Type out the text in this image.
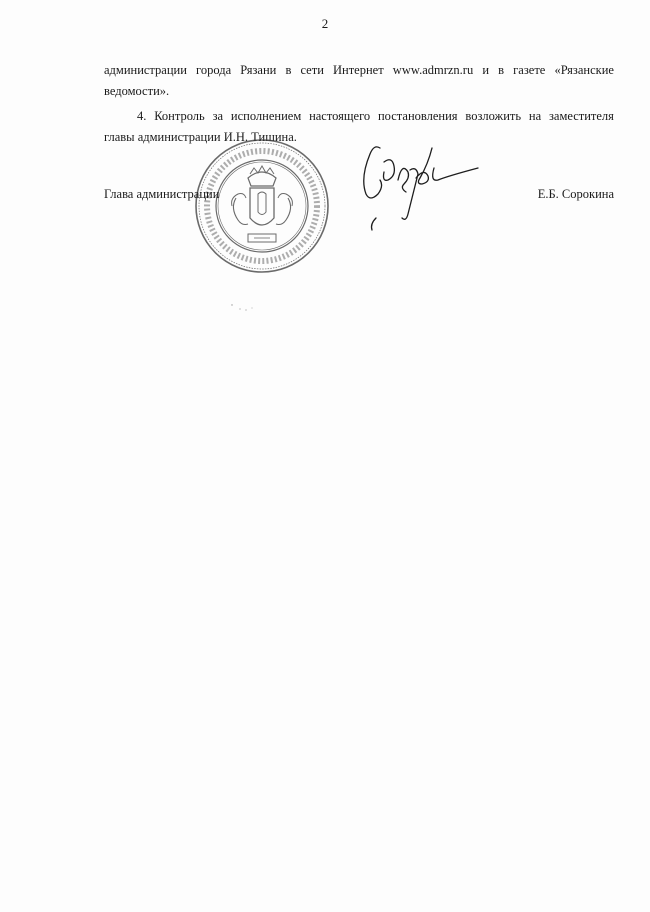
2
администрации города Рязани в сети Интернет www.admrzn.ru и в газете «Рязанские
ведомости».
4. Контроль за исполнением настоящего постановления возложить на заместителя
главы администрации И.Н. Тишина.
Глава администрации	Е.Б. Сорокина
